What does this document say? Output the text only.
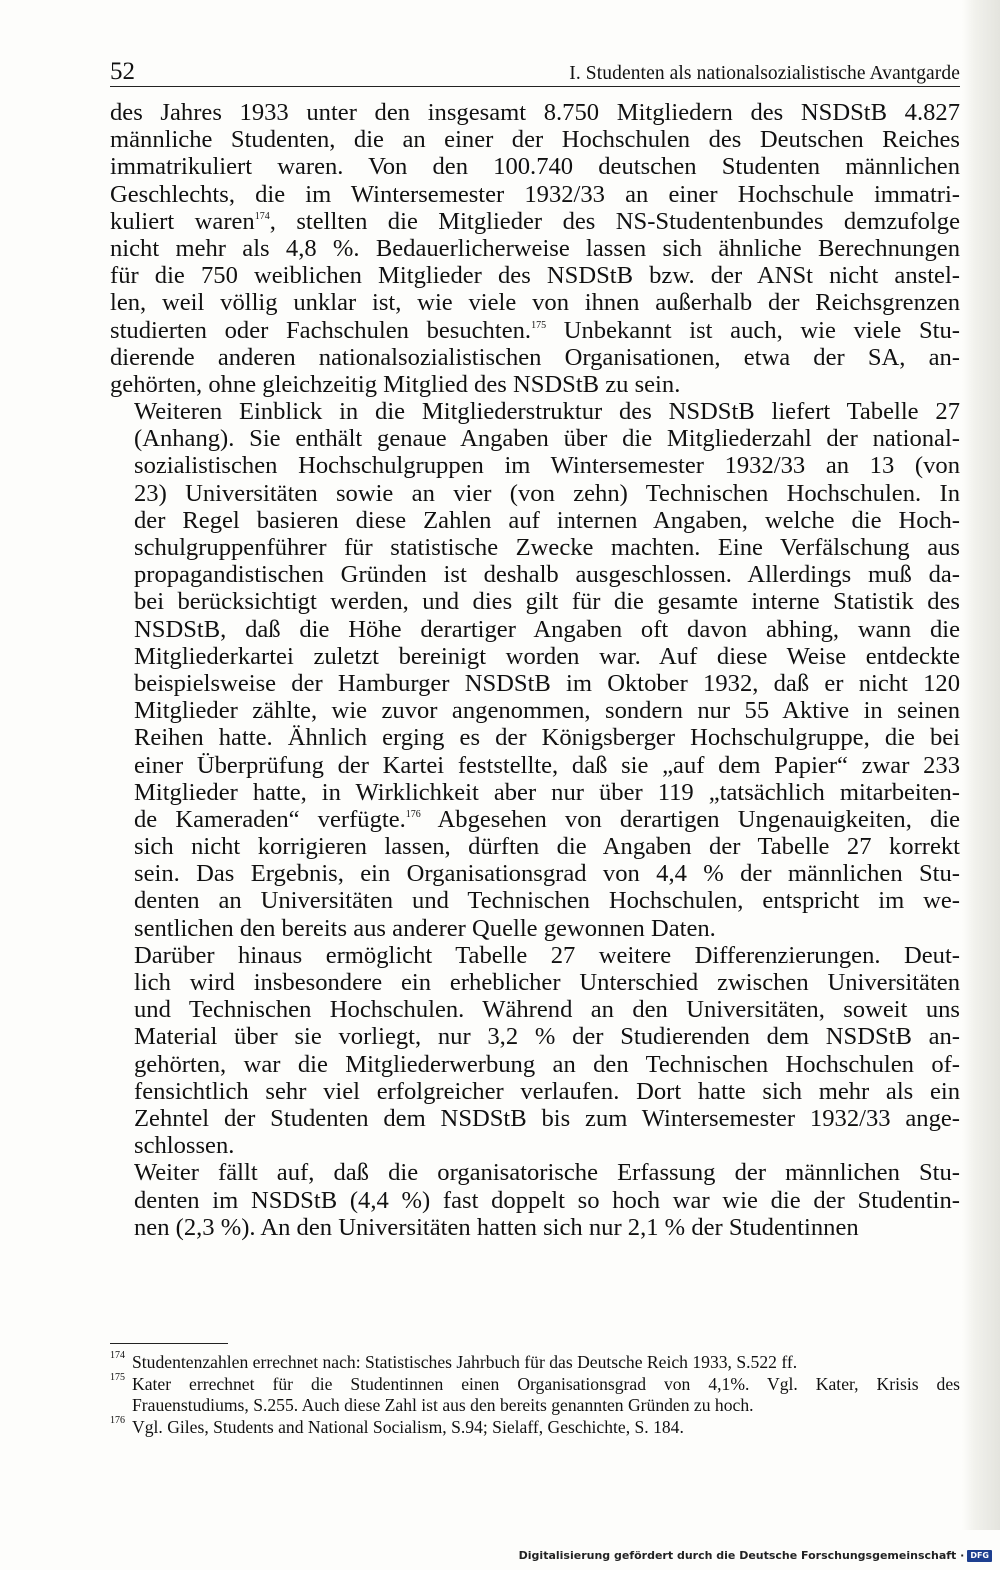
52	I. Studenten als nationalsozialistische Avantgarde

des Jahres 1933 unter den insgesamt 8.750 Mitgliedern des NSDStB 4.827
männliche Studenten, die an einer der Hochschulen des Deutschen Reiches
immatrikuliert waren. Von den 100.740 deutschen Studenten männlichen
Geschlechts, die im Wintersemester 1932/33 an einer Hochschule immatri-
kuliert waren$^{174}$, stellten die Mitglieder des NS-Studentenbundes demzufolge
nicht mehr als 4,8 %. Bedauerlicherweise lassen sich ähnliche Berechnungen
für die 750 weiblichen Mitglieder des NSDStB bzw. der ANSt nicht anstel-
len, weil völlig unklar ist, wie viele von ihnen außerhalb der Reichsgrenzen
studierten oder Fachschulen besuchten.$^{175}$ Unbekannt ist auch, wie viele Stu-
dierende anderen nationalsozialistischen Organisationen, etwa der SA, an-
gehörten, ohne gleichzeitig Mitglied des NSDStB zu sein.

Weiteren Einblick in die Mitgliederstruktur des NSDStB liefert Tabelle 27
(Anhang). Sie enthält genaue Angaben über die Mitgliederzahl der national-
sozialistischen Hochschulgruppen im Wintersemester 1932/33 an 13 (von
23) Universitäten sowie an vier (von zehn) Technischen Hochschulen. In
der Regel basieren diese Zahlen auf internen Angaben, welche die Hoch-
schulgruppenführer für statistische Zwecke machten. Eine Verfälschung aus
propagandistischen Gründen ist deshalb ausgeschlossen. Allerdings muß da-
bei berücksichtigt werden, und dies gilt für die gesamte interne Statistik des
NSDStB, daß die Höhe derartiger Angaben oft davon abhing, wann die
Mitgliederkartei zuletzt bereinigt worden war. Auf diese Weise entdeckte
beispielsweise der Hamburger NSDStB im Oktober 1932, daß er nicht 120
Mitglieder zählte, wie zuvor angenommen, sondern nur 55 Aktive in seinen
Reihen hatte. Ähnlich erging es der Königsberger Hochschulgruppe, die bei
einer Überprüfung der Kartei feststellte, daß sie „auf dem Papier“ zwar 233
Mitglieder hatte, in Wirklichkeit aber nur über 119 „tatsächlich mitarbeiten-
de Kameraden“ verfügte.$^{176}$ Abgesehen von derartigen Ungenauigkeiten, die
sich nicht korrigieren lassen, dürften die Angaben der Tabelle 27 korrekt
sein. Das Ergebnis, ein Organisationsgrad von 4,4 % der männlichen Stu-
denten an Universitäten und Technischen Hochschulen, entspricht im we-
sentlichen den bereits aus anderer Quelle gewonnen Daten.

Darüber hinaus ermöglicht Tabelle 27 weitere Differenzierungen. Deut-
lich wird insbesondere ein erheblicher Unterschied zwischen Universitäten
und Technischen Hochschulen. Während an den Universitäten, soweit uns
Material über sie vorliegt, nur 3,2 % der Studierenden dem NSDStB an-
gehörten, war die Mitgliederwerbung an den Technischen Hochschulen of-
fensichtlich sehr viel erfolgreicher verlaufen. Dort hatte sich mehr als ein
Zehntel der Studenten dem NSDStB bis zum Wintersemester 1932/33 ange-
schlossen.

Weiter fällt auf, daß die organisatorische Erfassung der männlichen Stu-
denten im NSDStB (4,4 %) fast doppelt so hoch war wie die der Studentin-
nen (2,3 %). An den Universitäten hatten sich nur 2,1 % der Studentinnen

174 Studentenzahlen errechnet nach: Statistisches Jahrbuch für das Deutsche Reich 1933, S.522 ff.
175 Kater errechnet für die Studentinnen einen Organisationsgrad von 4,1%. Vgl. Kater, Krisis des
Frauenstudiums, S.255. Auch diese Zahl ist aus den bereits genannten Gründen zu hoch.
176 Vgl. Giles, Students and National Socialism, S.94; Sielaff, Geschichte, S. 184.
Digitalisierung gefördert durch die Deutsche Forschungsgemeinschaft · DFG
